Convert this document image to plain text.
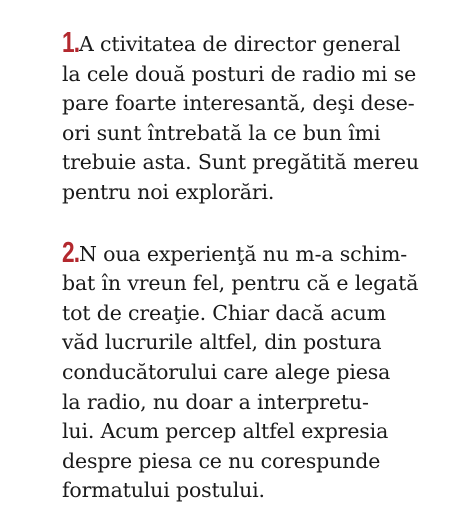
1.A ctivitatea de director general
la cele două posturi de radio mi se
pare foarte interesantă, deşi dese-
ori sunt întrebată la ce bun îmi
trebuie asta. Sunt pregătită mereu
pentru noi explorări.

2.N oua experienţă nu m-a schim-
bat în vreun fel, pentru că e legată
tot de creaţie. Chiar dacă acum
văd lucrurile altfel, din postura
conducătorului care alege piesa
la radio, nu doar a interpretu-
lui. Acum percep altfel expresia
despre piesa ce nu corespunde
formatului postului.
